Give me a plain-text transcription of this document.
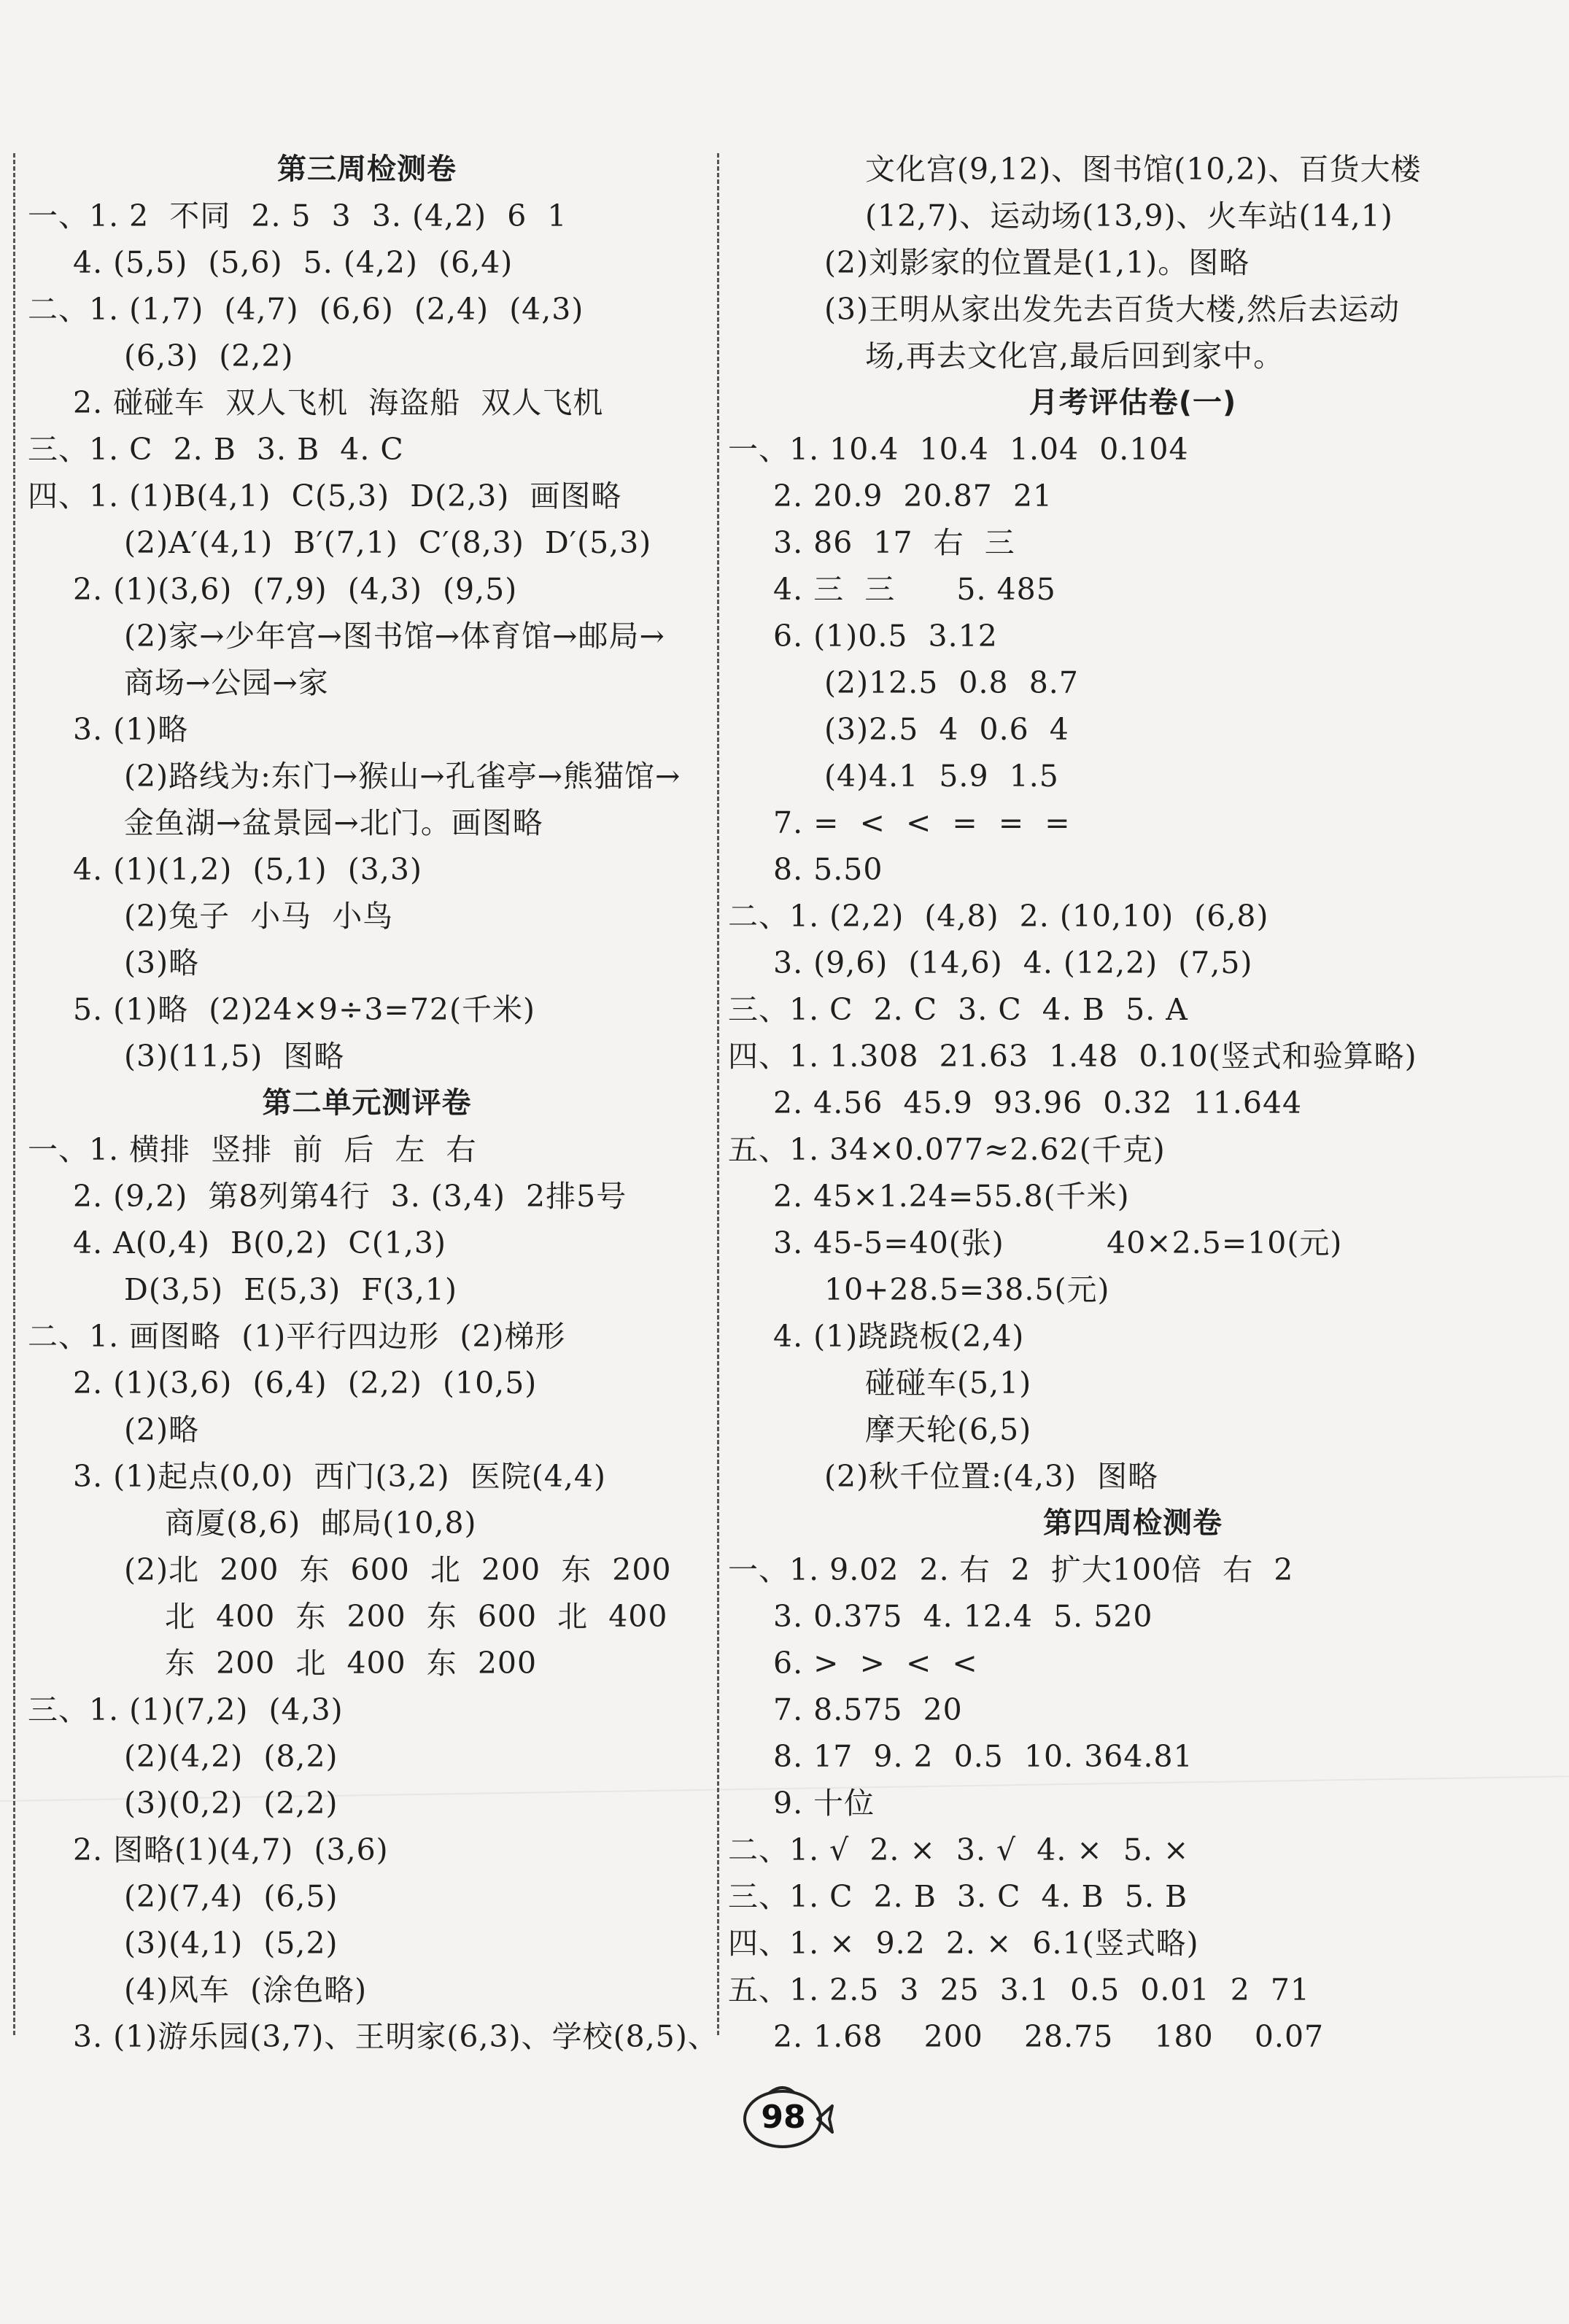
第三周检测卷
一、1. 2  不同  2. 5  3  3. (4,2)  6  1
4. (5,5)  (5,6)  5. (4,2)  (6,4)
二、1. (1,7)  (4,7)  (6,6)  (2,4)  (4,3)
(6,3)  (2,2)
2. 碰碰车  双人飞机  海盗船  双人飞机
三、1. C  2. B  3. B  4. C
四、1. (1)B(4,1)  C(5,3)  D(2,3)  画图略
(2)A′(4,1)  B′(7,1)  C′(8,3)  D′(5,3)
2. (1)(3,6)  (7,9)  (4,3)  (9,5)
(2)家→少年宫→图书馆→体育馆→邮局→
商场→公园→家
3. (1)略
(2)路线为:东门→猴山→孔雀亭→熊猫馆→
金鱼湖→盆景园→北门。画图略
4. (1)(1,2)  (5,1)  (3,3)
(2)兔子  小马  小鸟
(3)略
5. (1)略  (2)24×9÷3=72(千米)
(3)(11,5)  图略
第二单元测评卷
一、1. 横排  竖排  前  后  左  右
2. (9,2)  第8列第4行  3. (3,4)  2排5号
4. A(0,4)  B(0,2)  C(1,3)
D(3,5)  E(5,3)  F(3,1)
二、1. 画图略  (1)平行四边形  (2)梯形
2. (1)(3,6)  (6,4)  (2,2)  (10,5)
(2)略
3. (1)起点(0,0)  西门(3,2)  医院(4,4)
商厦(8,6)  邮局(10,8)
(2)北  200  东  600  北  200  东  200
北  400  东  200  东  600  北  400
东  200  北  400  东  200
三、1. (1)(7,2)  (4,3)
(2)(4,2)  (8,2)
(3)(0,2)  (2,2)
2. 图略(1)(4,7)  (3,6)
(2)(7,4)  (6,5)
(3)(4,1)  (5,2)
(4)风车  (涂色略)
3. (1)游乐园(3,7)、王明家(6,3)、学校(8,5)、
文化宫(9,12)、图书馆(10,2)、百货大楼
(12,7)、运动场(13,9)、火车站(14,1)
(2)刘影家的位置是(1,1)。图略
(3)王明从家出发先去百货大楼,然后去运动
场,再去文化宫,最后回到家中。
月考评估卷(一)
一、1. 10.4  10.4  1.04  0.104
2. 20.9  20.87  21
3. 86  17  右  三
4. 三  三      5. 485
6. (1)0.5  3.12
(2)12.5  0.8  8.7
(3)2.5  4  0.6  4
(4)4.1  5.9  1.5
7. =  <  <  =  =  =
8. 5.50
二、1. (2,2)  (4,8)  2. (10,10)  (6,8)
3. (9,6)  (14,6)  4. (12,2)  (7,5)
三、1. C  2. C  3. C  4. B  5. A
四、1. 1.308  21.63  1.48  0.10(竖式和验算略)
2. 4.56  45.9  93.96  0.32  11.644
五、1. 34×0.077≈2.62(千克)
2. 45×1.24=55.8(千米)
3. 45-5=40(张)          40×2.5=10(元)
10+28.5=38.5(元)
4. (1)跷跷板(2,4)
碰碰车(5,1)
摩天轮(6,5)
(2)秋千位置:(4,3)  图略
第四周检测卷
一、1. 9.02  2. 右  2  扩大100倍  右  2
3. 0.375  4. 12.4  5. 520
6. >  >  <  <
7. 8.575  20
8. 17  9. 2  0.5  10. 364.81
9. 十位
二、1. √  2. ×  3. √  4. ×  5. ×
三、1. C  2. B  3. C  4. B  5. B
四、1. ×  9.2  2. ×  6.1(竖式略)
五、1. 2.5  3  25  3.1  0.5  0.01  2  71
2. 1.68    200    28.75    180    0.07
98
